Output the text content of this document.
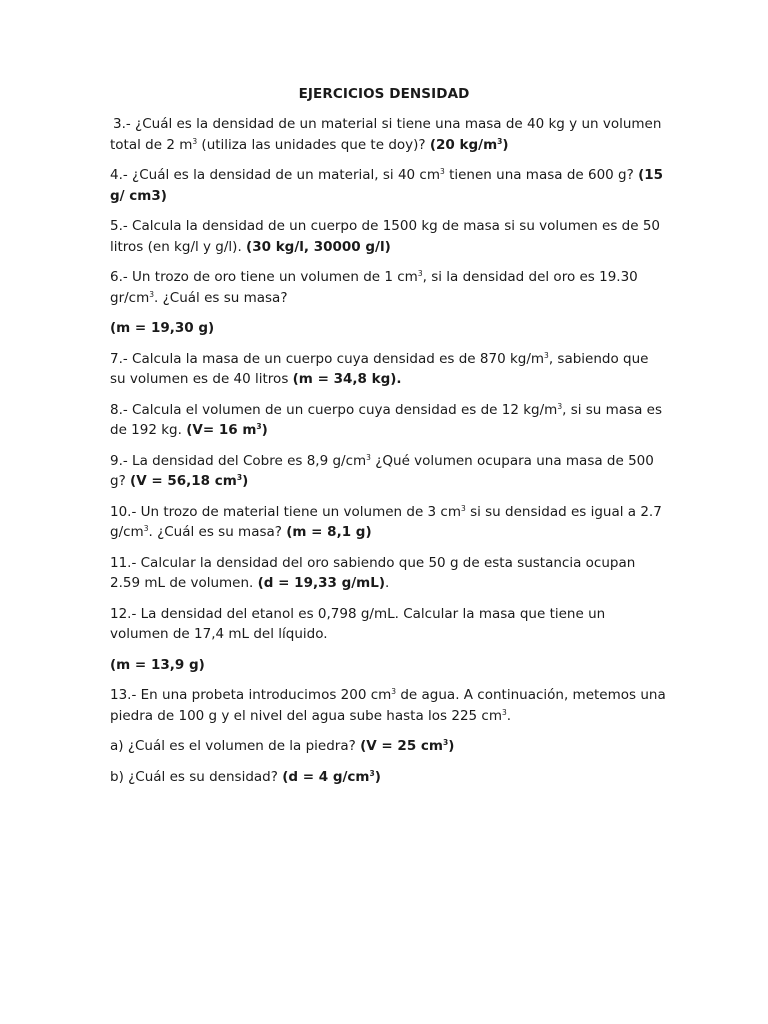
EJERCICIOS DENSIDAD

3.- ¿Cuál es la densidad de un material si tiene una masa de 40 kg y un volumen total de 2 $m^3$ (utiliza las unidades que te doy)? (20 $kg/m^3$)

4.- ¿Cuál es la densidad de un material, si 40 $cm^3$ tienen una masa de 600 g? (15 g/ cm3)

5.- Calcula la densidad de un cuerpo de 1500 kg de masa si su volumen es de 50 litros (en kg/l y g/l). (30 kg/l, 30000 g/l)

6.- Un trozo de oro tiene un volumen de 1 $cm^3$, si la densidad del oro es 19.30 $gr/cm^3$. ¿Cuál es su masa?

(m = 19,30 g)

7.- Calcula la masa de un cuerpo cuya densidad es de 870 $kg/m^3$, sabiendo que su volumen es de 40 litros (m = 34,8 kg).

8.- Calcula el volumen de un cuerpo cuya densidad es de 12 $kg/m^3$, si su masa es de 192 kg. (V= 16 $m^3$)

9.- La densidad del Cobre es 8,9 $g/cm^3$ ¿Qué volumen ocupara una masa de 500 g? (V = 56,18 $cm^3$)

10.- Un trozo de material tiene un volumen de 3 $cm^3$ si su densidad es igual a 2.7 $g/cm^3$. ¿Cuál es su masa? (m = 8,1 g)

11.- Calcular la densidad del oro sabiendo que 50 g de esta sustancia ocupan 2.59 mL de volumen. (d = 19,33 g/mL).

12.- La densidad del etanol es 0,798 g/mL. Calcular la masa que tiene un volumen de 17,4 mL del líquido.

(m = 13,9 g)

13.- En una probeta introducimos 200 $cm^3$ de agua. A continuación, metemos una piedra de 100 g y el nivel del agua sube hasta los 225 $cm^3$.

a) ¿Cuál es el volumen de la piedra? (V = 25 $cm^3$)

b) ¿Cuál es su densidad? (d = 4 $g/cm^3$)
